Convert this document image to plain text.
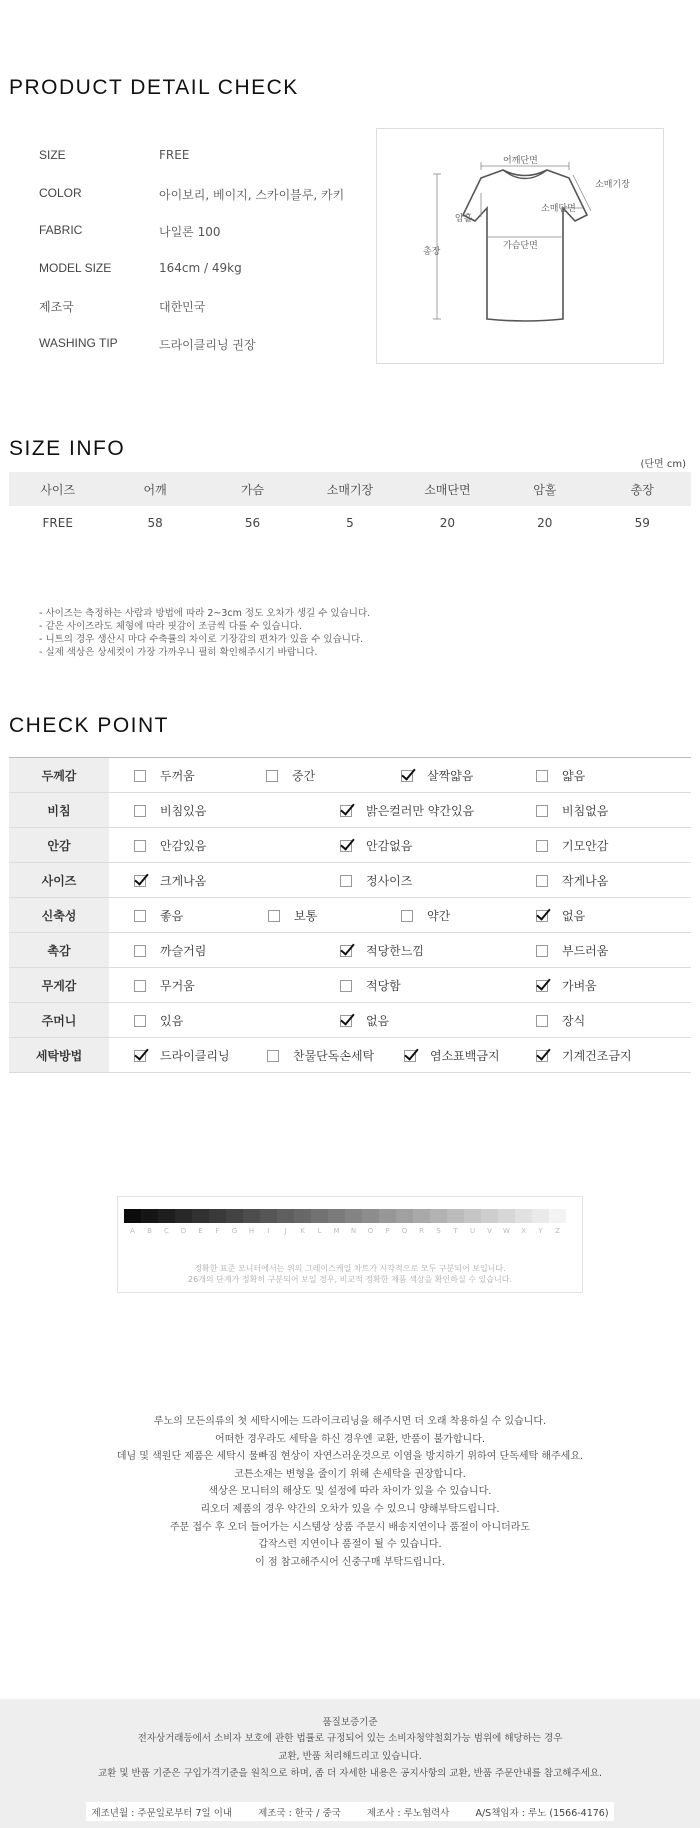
PRODUCT DETAIL CHECK
SIZE	FREE
COLOR	아이보리, 베이지, 스카이블루, 카키
FABRIC	나일론 100
MODEL SIZE	164cm / 49kg
제조국	대한민국
WASHING TIP	드라이클리닝 권장
어깨단면
소매기장
암홀
소매단면
가슴단면
총장
SIZE INFO
(단면 cm)
사이즈	어깨	가슴	소매기장	소매단면	암홀	총장
FREE	58	56	5	20	20	59
- 사이즈는 측정하는 사람과 방법에 따라 2~3cm 정도 오차가 생길 수 있습니다.
- 같은 사이즈라도 체형에 따라 핏감이 조금씩 다를 수 있습니다.
- 니트의 경우 생산시 마다 수축률의 차이로 기장감의 편차가 있을 수 있습니다.
- 실제 색상은 상세컷이 가장 가까우니 필히 확인해주시기 바랍니다.
CHECK POINT
두께감	두꺼움	중간	살짝얇음	얇음
비침	비침있음	밝은컬러만 약간있음	비침없음
안감	안감있음	안감없음	기모안감
사이즈	크게나옴	정사이즈	작게나옴
신축성	좋음	보통	약간	없음
촉감	까슬거림	적당한느낌	부드러움
무게감	무거움	적당함	가벼움
주머니	있음	없음	장식
세탁방법	드라이클리닝	찬물단독손세탁	염소표백금지	기계건조금지
A	B	C	D	E	F	G	H	I	J	K	L	M	N	O	P	Q	R	S	T	U	V	W	X	Y	Z
정확한 표준 모니터에서는 위의 그레이스케일 차트가 시각적으로 모두 구분되어 보입니다.
26개의 단계가 정확히 구분되어 보일 경우, 비교적 정확한 제품 색상을 확인하실 수 있습니다.
루노의 모든의류의 첫 세탁시에는 드라이크리닝을 해주시면 더 오래 착용하실 수 있습니다.
어떠한 경우라도 세탁을 하신 경우엔 교환, 반품이 불가합니다.
데님 및 색원단 제품은 세탁시 물빠짐 현상이 자연스러운것으로 이염을 방지하기 위하여 단독세탁 해주세요.
코튼소재는 변형을 줄이기 위해 손세탁을 권장합니다.
색상은 모니터의 해상도 및 설정에 따라 차이가 있을 수 있습니다.
리오더 제품의 경우 약간의 오차가 있을 수 있으니 양해부탁드립니다.
주문 접수 후 오더 들어가는 시스템상 상품 주문시 배송지연이나 품절이 아니더라도
갑작스런 지연이나 품절이 될 수 있습니다.
이 점 참고해주시어 신중구매 부탁드립니다.
품질보증기준
전자상거래등에서 소비자 보호에 관한 법률로 규정되어 있는 소비자청약철회가능 범위에 해당하는 경우
교환, 반품 처리해드리고 있습니다.
교환 및 반품 기준은 구입가격기준을 원칙으로 하며, 좀 더 자세한 내용은 공지사항의 교환, 반품 주문안내를 참고해주세요.
제조년월 : 주문일로부터 7일 이내	제조국 : 한국 / 중국	제조사 : 루노협력사	A/S책임자 : 루노 (1566-4176)
